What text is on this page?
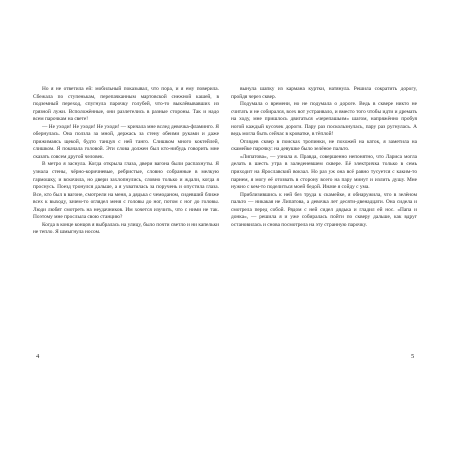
Но я не ответила ей: мобильный показывал, что пора, и я ему поверила. Сбежала по ступенькам, перепачканным мартовской снежной кашей, в подземный переход, спугнула парочку голубей, что-то выклёвывавших из грязной лужи. Всположённые, они разлетелись в разные стороны. Так и надо всем парочкам на свете!

— Не уходи! Не уходи! Не уходи! — кричала мне вслед девочка-фламинго. Я обернулась. Она ползла за мной, держась за стену обеими руками и даже прижимаясь щекой, будто танцуя с ней танго. Слишком много коктейлей, слишком. Я покачала головой. Эти слова должен был кто-нибудь говорить мне сказать совсем другой человек.

В метро я заснула. Когда открыла глаза, двери вагона были распахнуты. Я узнала стены, чёрно-коричневые, ребристые, словно собранные в мелкую гармошку, и вскочила, но двери захлопнулись, словно только и ждали, когда я проснусь. Поезд тронулся дальше, а я ухватилась за поручень и опустила глаза. Все, кто был в вагоне, смотрели на меня, а дядька с чемоданом, сидевший ближе всех к выходу, зачем-то оглядел меня с головы до ног, потом с ног до головы. Люди любят смотреть на неудачников. Им хочется изучить, что с ними не так. Поэтому мне прослыла свою станцию?

Когда в конце концов я выбралась на улицу, было почти светло и ни капельки не тепло. Я шмыгнула носом.

4

вынула шапку из кармана куртки, натянула. Решила сократить дорогу, пройдя через сквер.

Подумала о времени, но не подумала о дороге. Ведь в сквере никто не считать и не собирался, всех вот устраивало, и вместо того чтобы идти и дремать на ходу, мне пришлось двигаться «черепашьим» шагом, напряжённо пробуя ногой каждый кусочек дороги. Пару раз поскользнулась, пару раз ругнулась. А ведь могла быть сейчас в кроватке, в тёплой!

Оглядев сквер в поисках тропинки, не похожей на каток, я заметила на скамейке парочку: на девушке было зелёное пальто.

«Липатова», — узнала я. Правда, совершенно непонятно, что Лариса могла делать в шесть утра в заледеневшем сквере. Её электричка только в семь приходит на Ярославский вокзал. Но раз уж она всё равно тусуется с каким-то парнем, я могу её отозвать в сторону всего на пару минут и излить душу. Мне нужно с кем-то поделиться моей бедой. Иначе я сойду с ума.

Приблизившись к ней без труда к скамейке, я обнаружила, что в зелёном пальто — никакая не Липатова, а девочка лет десяти-двенадцати. Она сидела и смотрела перед собой. Рядом с ней сидел дядька и гладил ей нос. «Папа и донка», — решила я и уже собиралась пойти по скверу дальше, как вдруг остановилась и снова посмотрела на эту странную парочку.

5
